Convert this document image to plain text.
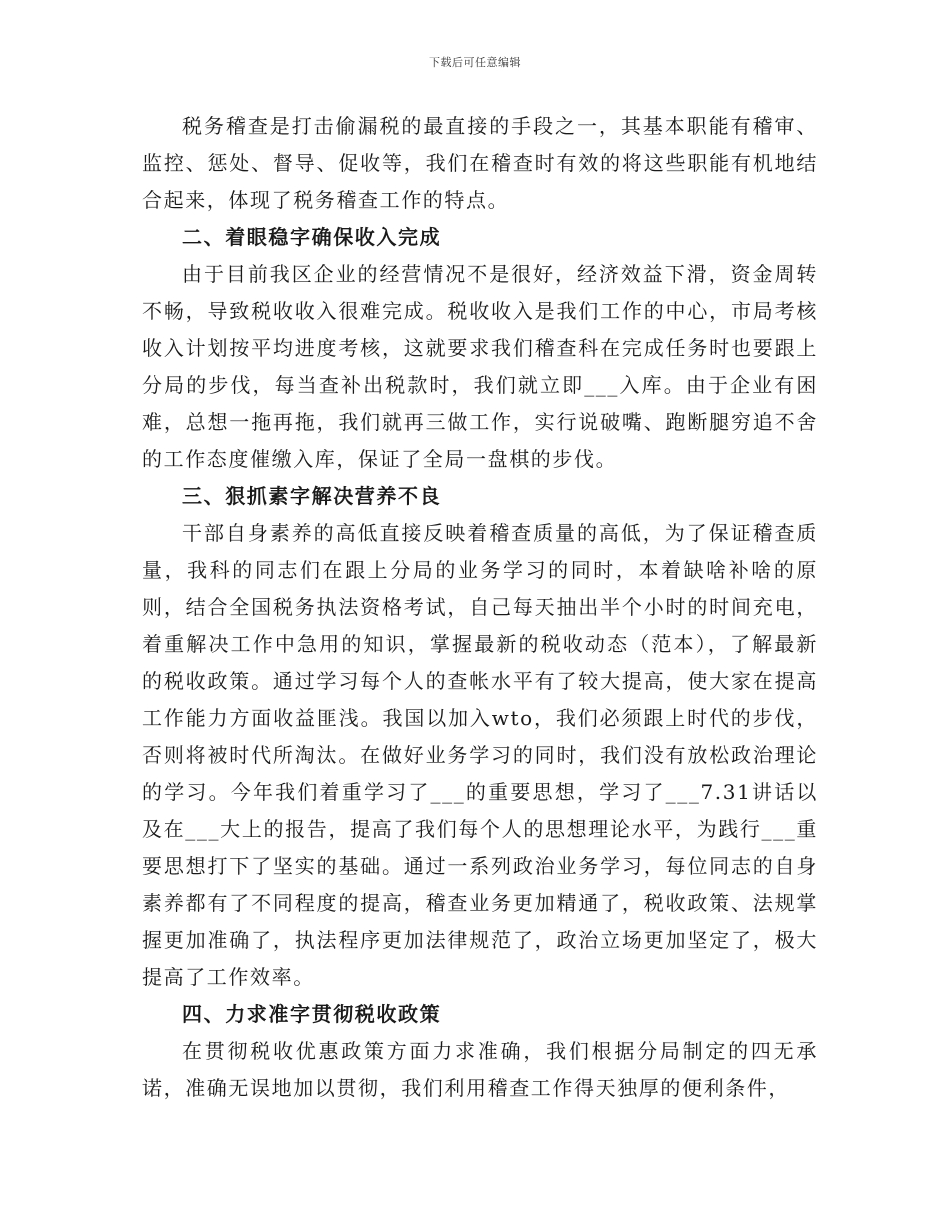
下载后可任意编辑

税务稽查是打击偷漏税的最直接的手段之一，其基本职能有稽审、监控、惩处、督导、促收等，我们在稽查时有效的将这些职能有机地结合起来，体现了税务稽查工作的特点。

二、着眼稳字确保收入完成

由于目前我区企业的经营情况不是很好，经济效益下滑，资金周转不畅，导致税收收入很难完成。税收收入是我们工作的中心，市局考核收入计划按平均进度考核，这就要求我们稽查科在完成任务时也要跟上分局的步伐，每当查补出税款时，我们就立即___入库。由于企业有困难，总想一拖再拖，我们就再三做工作，实行说破嘴、跑断腿穷追不舍的工作态度催缴入库，保证了全局一盘棋的步伐。

三、狠抓素字解决营养不良

干部自身素养的高低直接反映着稽查质量的高低，为了保证稽查质量，我科的同志们在跟上分局的业务学习的同时，本着缺啥补啥的原则，结合全国税务执法资格考试，自己每天抽出半个小时的时间充电，着重解决工作中急用的知识，掌握最新的税收动态（范本），了解最新的税收政策。通过学习每个人的查帐水平有了较大提高，使大家在提高工作能力方面收益匪浅。我国以加入wto，我们必须跟上时代的步伐，否则将被时代所淘汰。在做好业务学习的同时，我们没有放松政治理论的学习。今年我们着重学习了___的重要思想，学习了___7.31讲话以及在___大上的报告，提高了我们每个人的思想理论水平，为践行___重要思想打下了坚实的基础。通过一系列政治业务学习，每位同志的自身素养都有了不同程度的提高，稽查业务更加精通了，税收政策、法规掌握更加准确了，执法程序更加法律规范了，政治立场更加坚定了，极大提高了工作效率。

四、力求准字贯彻税收政策

在贯彻税收优惠政策方面力求准确，我们根据分局制定的四无承诺，准确无误地加以贯彻，我们利用稽查工作得天独厚的便利条件，
